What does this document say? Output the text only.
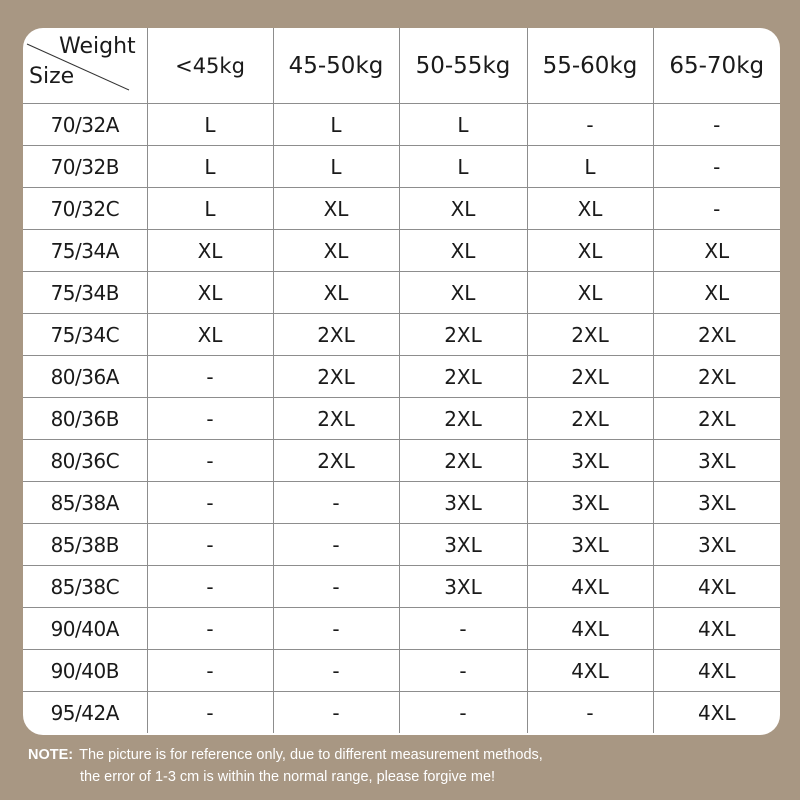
Weight
Size	<45kg	45-50kg	50-55kg	55-60kg	65-70kg
70/32A	L	L	L	-	-
70/32B	L	L	L	L	-
70/32C	L	XL	XL	XL	-
75/34A	XL	XL	XL	XL	XL
75/34B	XL	XL	XL	XL	XL
75/34C	XL	2XL	2XL	2XL	2XL
80/36A	-	2XL	2XL	2XL	2XL
80/36B	-	2XL	2XL	2XL	2XL
80/36C	-	2XL	2XL	3XL	3XL
85/38A	-	-	3XL	3XL	3XL
85/38B	-	-	3XL	3XL	3XL
85/38C	-	-	3XL	4XL	4XL
90/40A	-	-	-	4XL	4XL
90/40B	-	-	-	4XL	4XL
95/42A	-	-	-	-	4XL
NOTE: The picture is for reference only, due to different measurement methods,
the error of 1-3 cm is within the normal range, please forgive me!
